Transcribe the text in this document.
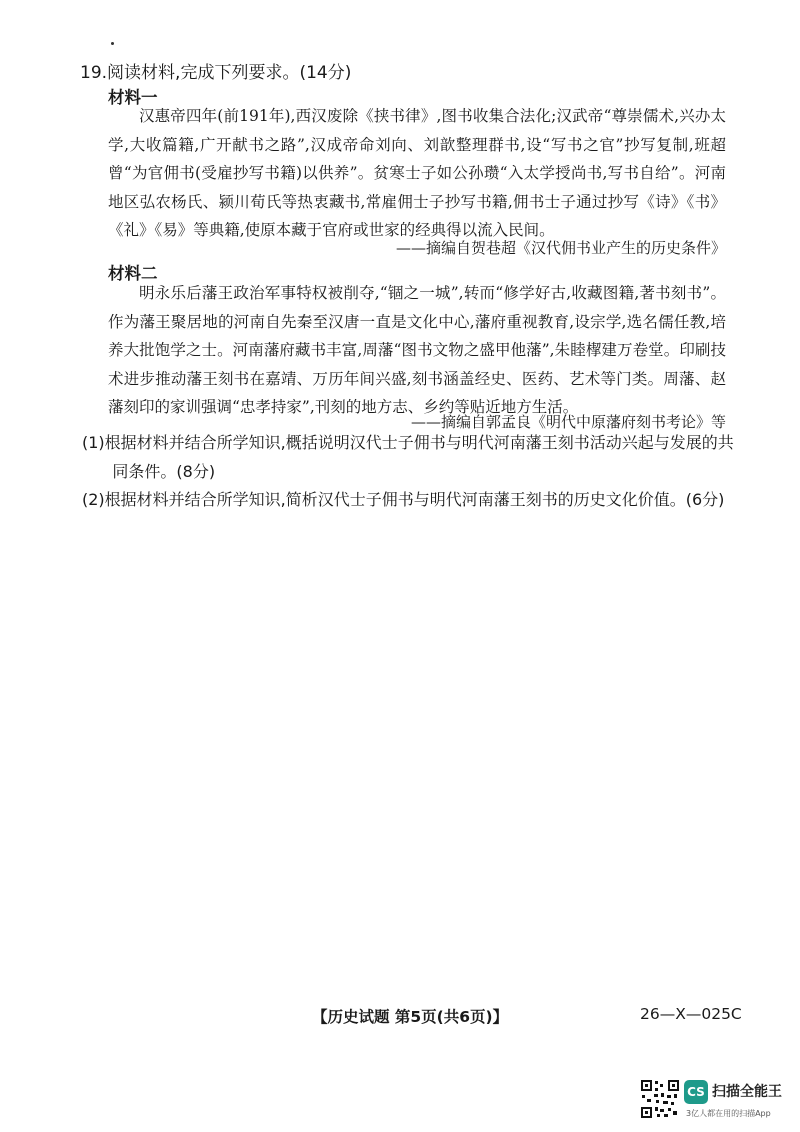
19.阅读材料,完成下列要求。(14分)
材料一

汉惠帝四年(前191年),西汉废除《挟书律》,图书收集合法化;汉武帝“尊崇儒术,兴办太学,大收篇籍,广开献书之路”,汉成帝命刘向、刘歆整理群书,设“写书之官”抄写复制,班超曾“为官佣书(受雇抄写书籍)以供养”。贫寒士子如公孙瓒“入太学授尚书,写书自给”。河南地区弘农杨氏、颍川荀氏等热衷藏书,常雇佣士子抄写书籍,佣书士子通过抄写《诗》《书》《礼》《易》等典籍,使原本藏于官府或世家的经典得以流入民间。

——摘编自贺巷超《汉代佣书业产生的历史条件》
材料二

明永乐后藩王政治军事特权被削夺,“锢之一城”,转而“修学好古,收藏图籍,著书刻书”。作为藩王聚居地的河南自先秦至汉唐一直是文化中心,藩府重视教育,设宗学,选名儒任教,培养大批饱学之士。河南藩府藏书丰富,周藩“图书文物之盛甲他藩”,朱睦㮮建万卷堂。印刷技术进步推动藩王刻书在嘉靖、万历年间兴盛,刻书涵盖经史、医药、艺术等门类。周藩、赵藩刻印的家训强调“忠孝持家”,刊刻的地方志、乡约等贴近地方生活。

——摘编自郭孟良《明代中原藩府刻书考论》等
(1)根据材料并结合所学知识,概括说明汉代士子佣书与明代河南藩王刻书活动兴起与发展的共同条件。(8分)
(2)根据材料并结合所学知识,简析汉代士子佣书与明代河南藩王刻书的历史文化价值。(6分)
【历史试题 第5页(共6页)】	26—X—025C
CS 扫描全能王
3亿人都在用的扫描App
